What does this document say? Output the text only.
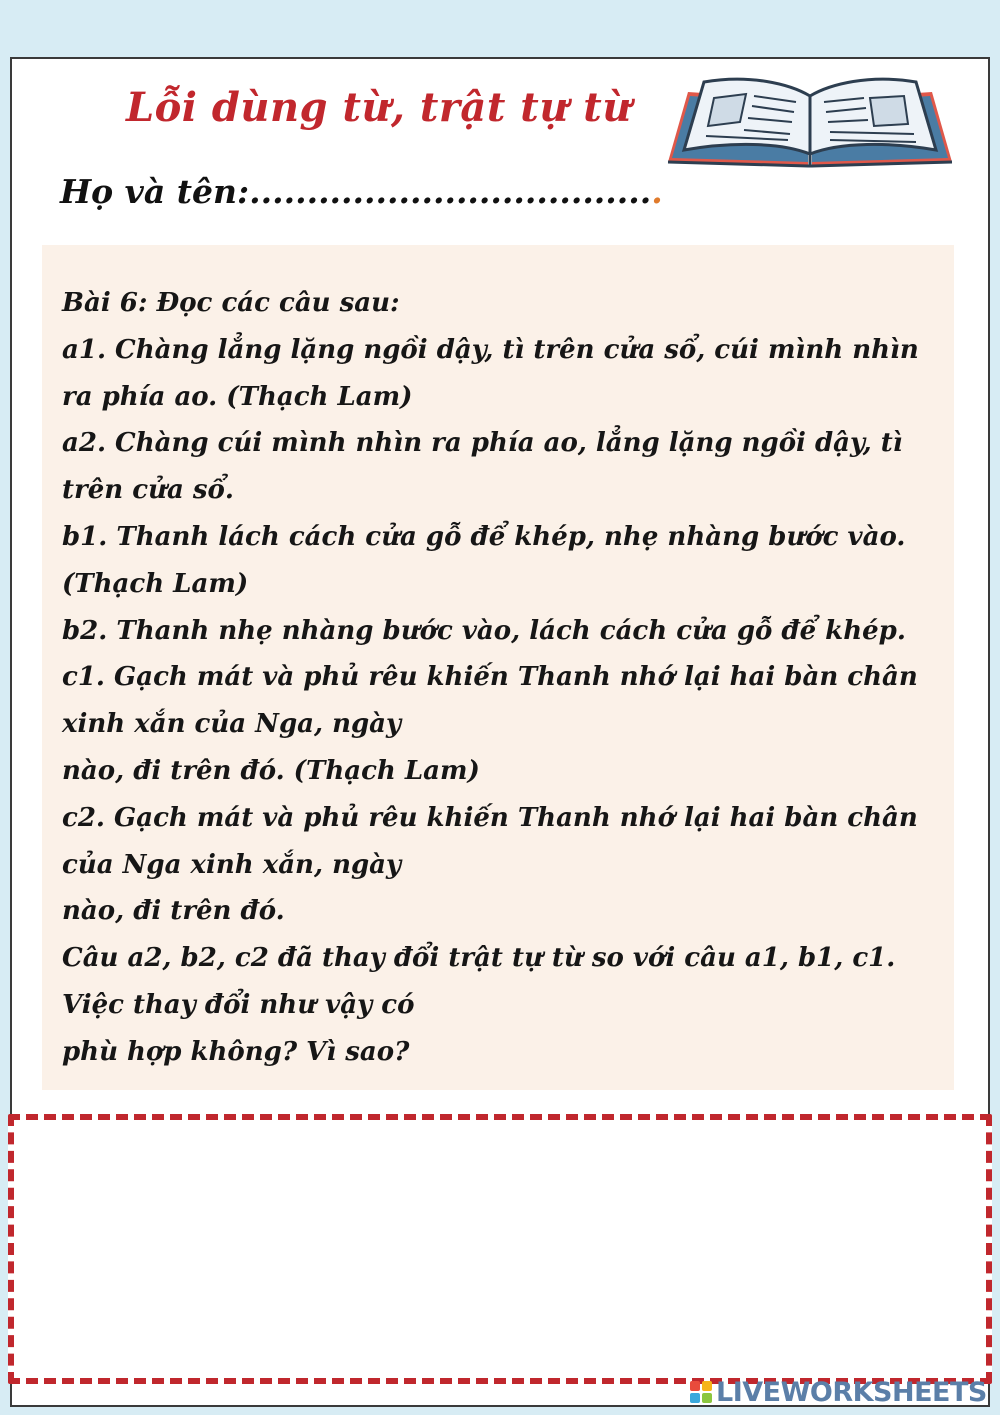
Lỗi dùng từ, trật tự từ
Họ và tên:....................................

Bài 6: Đọc các câu sau:

a1. Chàng lẳng lặng ngồi dậy, tì trên cửa sổ, cúi mình nhìn ra phía ao. (Thạch Lam)

a2. Chàng cúi mình nhìn ra phía ao, lẳng lặng ngồi dậy, tì trên cửa sổ.

b1. Thanh lách cách cửa gỗ để khép, nhẹ nhàng bước vào. (Thạch Lam)

b2. Thanh nhẹ nhàng bước vào, lách cách cửa gỗ để khép.

c1. Gạch mát và phủ rêu khiến Thanh nhớ lại hai bàn chân xinh xắn của Nga, ngày

nào, đi trên đó. (Thạch Lam)

c2. Gạch mát và phủ rêu khiến Thanh nhớ lại hai bàn chân của Nga xinh xắn, ngày

nào, đi trên đó.

Câu a2, b2, c2 đã thay đổi trật tự từ so với câu a1, b1, c1. Việc thay đổi như vậy có

phù hợp không? Vì sao?

LIVEWORKSHEETS
